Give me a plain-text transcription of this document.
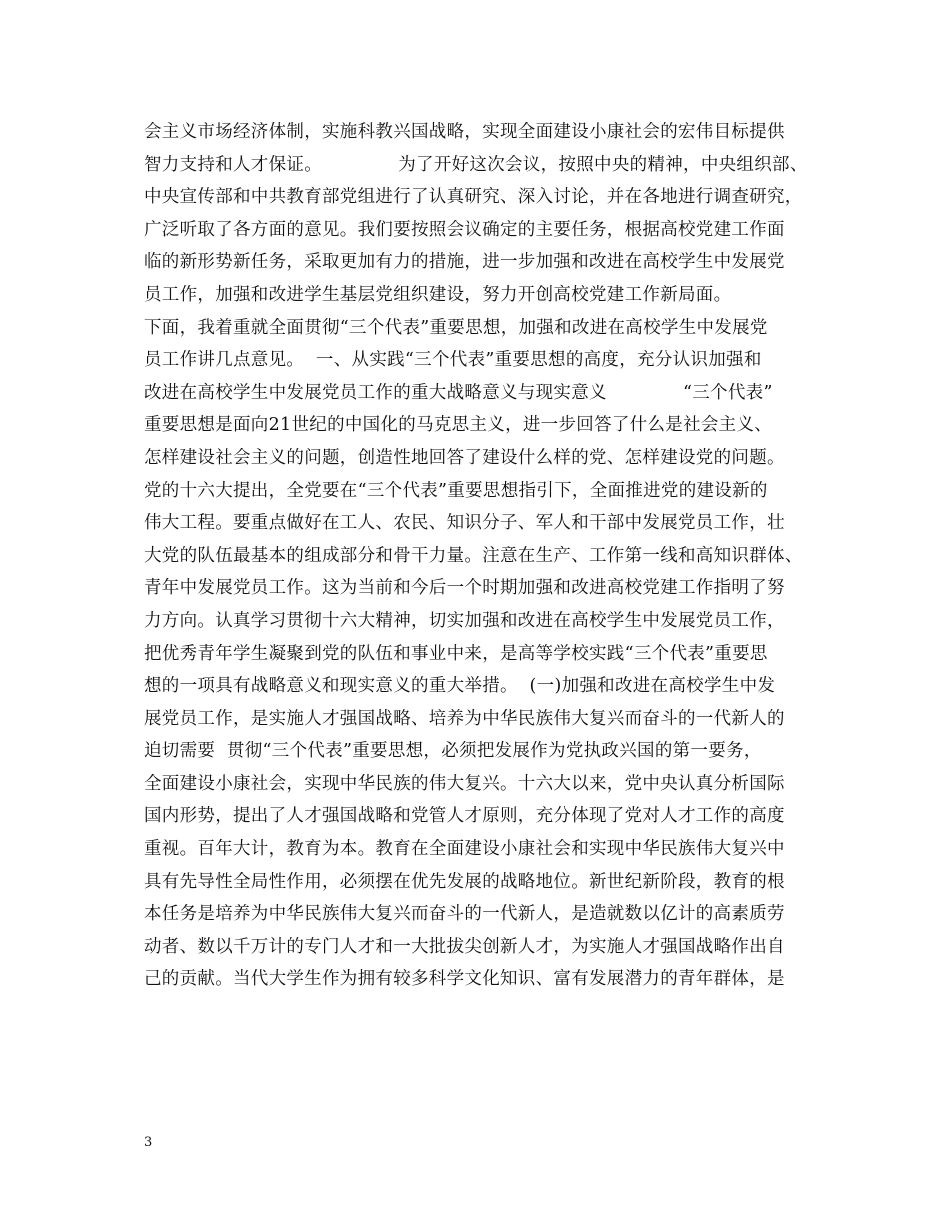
会主义市场经济体制，实施科教兴国战略，实现全面建设小康社会的宏伟目标提供
智力支持和人才保证。             为了开好这次会议，按照中央的精神，中央组织部、
中央宣传部和中共教育部党组进行了认真研究、深入讨论，并在各地进行调查研究，
广泛听取了各方面的意见。我们要按照会议确定的主要任务，根据高校党建工作面
临的新形势新任务，采取更加有力的措施，进一步加强和改进在高校学生中发展党
员工作，加强和改进学生基层党组织建设，努力开创高校党建工作新局面。
下面，我着重就全面贯彻“三个代表”重要思想，加强和改进在高校学生中发展党
员工作讲几点意见。  一、从实践“三个代表”重要思想的高度，充分认识加强和
改进在高校学生中发展党员工作的重大战略意义与现实意义             “三个代表”
重要思想是面向21世纪的中国化的马克思主义，进一步回答了什么是社会主义、
怎样建设社会主义的问题，创造性地回答了建设什么样的党、怎样建设党的问题。
党的十六大提出，全党要在“三个代表”重要思想指引下，全面推进党的建设新的
伟大工程。要重点做好在工人、农民、知识分子、军人和干部中发展党员工作，壮
大党的队伍最基本的组成部分和骨干力量。注意在生产、工作第一线和高知识群体、
青年中发展党员工作。这为当前和今后一个时期加强和改进高校党建工作指明了努
力方向。认真学习贯彻十六大精神，切实加强和改进在高校学生中发展党员工作，
把优秀青年学生凝聚到党的队伍和事业中来，是高等学校实践“三个代表”重要思
想的一项具有战略意义和现实意义的重大举措。  (一)加强和改进在高校学生中发
展党员工作，是实施人才强国战略、培养为中华民族伟大复兴而奋斗的一代新人的
迫切需要  贯彻“三个代表”重要思想，必须把发展作为党执政兴国的第一要务，
全面建设小康社会，实现中华民族的伟大复兴。十六大以来，党中央认真分析国际
国内形势，提出了人才强国战略和党管人才原则，充分体现了党对人才工作的高度
重视。百年大计，教育为本。教育在全面建设小康社会和实现中华民族伟大复兴中
具有先导性全局性作用，必须摆在优先发展的战略地位。新世纪新阶段，教育的根
本任务是培养为中华民族伟大复兴而奋斗的一代新人，是造就数以亿计的高素质劳
动者、数以千万计的专门人才和一大批拔尖创新人才，为实施人才强国战略作出自
己的贡献。当代大学生作为拥有较多科学文化知识、富有发展潜力的青年群体，是
3
